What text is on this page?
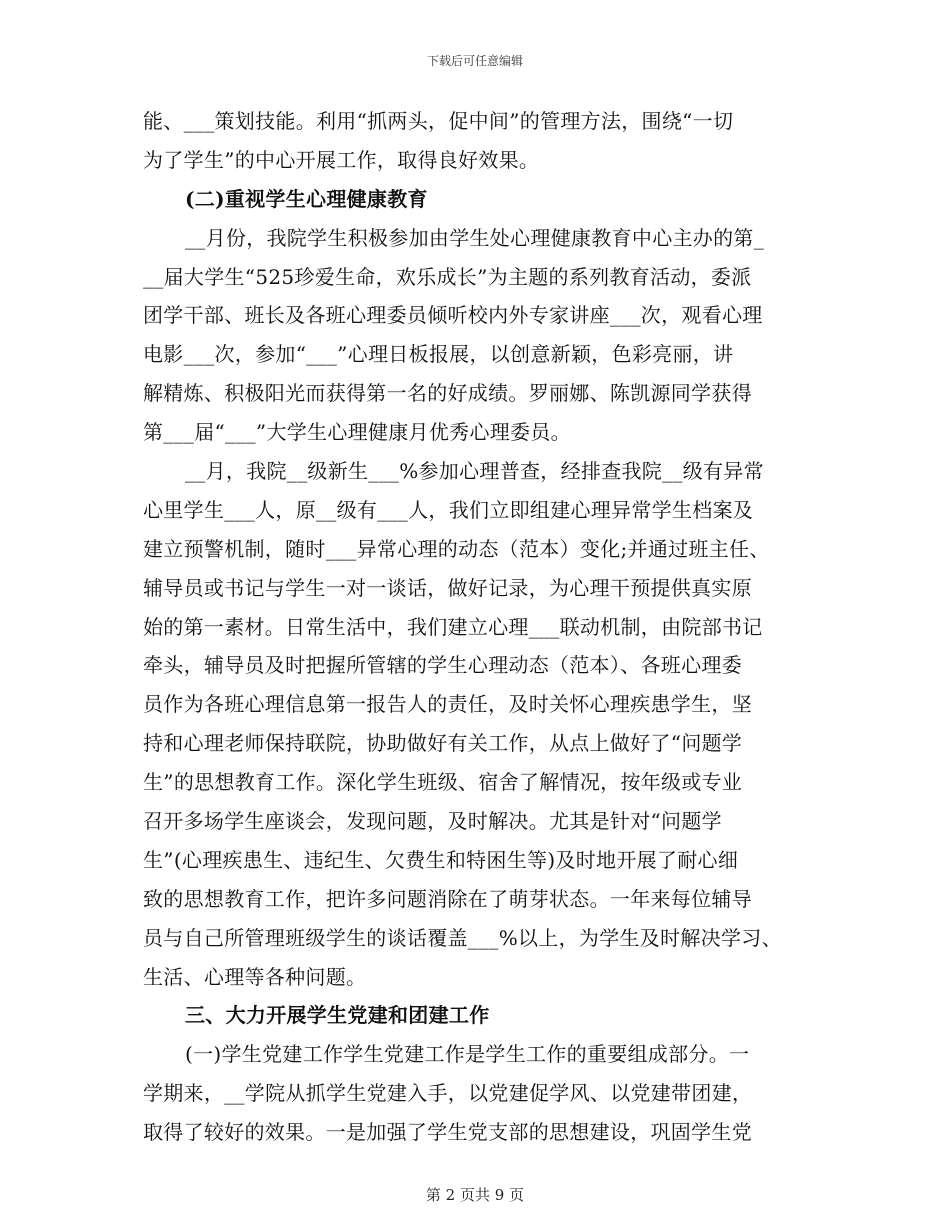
下载后可任意编辑
能、___策划技能。利用“抓两头，促中间”的管理方法，围绕“一切
为了学生”的中心开展工作，取得良好效果。
(二)重视学生心理健康教育
__月份，我院学生积极参加由学生处心理健康教育中心主办的第_
__届大学生“525珍爱生命，欢乐成长”为主题的系列教育活动，委派
团学干部、班长及各班心理委员倾听校内外专家讲座___次，观看心理
电影___次，参加“___”心理日板报展，以创意新颖，色彩亮丽，讲
解精炼、积极阳光而获得第一名的好成绩。罗丽娜、陈凯源同学获得
第___届“___”大学生心理健康月优秀心理委员。
__月，我院__级新生___%参加心理普查，经排查我院__级有异常
心里学生___人，原__级有___人，我们立即组建心理异常学生档案及
建立预警机制，随时___异常心理的动态（范本）变化;并通过班主任、
辅导员或书记与学生一对一谈话，做好记录，为心理干预提供真实原
始的第一素材。日常生活中，我们建立心理___联动机制，由院部书记
牵头，辅导员及时把握所管辖的学生心理动态（范本）、各班心理委
员作为各班心理信息第一报告人的责任，及时关怀心理疾患学生，坚
持和心理老师保持联院，协助做好有关工作，从点上做好了“问题学
生”的思想教育工作。深化学生班级、宿舍了解情况，按年级或专业
召开多场学生座谈会，发现问题，及时解决。尤其是针对“问题学
生”(心理疾患生、违纪生、欠费生和特困生等)及时地开展了耐心细
致的思想教育工作，把许多问题消除在了萌芽状态。一年来每位辅导
员与自己所管理班级学生的谈话覆盖___%以上，为学生及时解决学习、
生活、心理等各种问题。
三、大力开展学生党建和团建工作
(一)学生党建工作学生党建工作是学生工作的重要组成部分。一
学期来，__学院从抓学生党建入手，以党建促学风、以党建带团建，
取得了较好的效果。一是加强了学生党支部的思想建设，巩固学生党
第 2 页共 9 页
